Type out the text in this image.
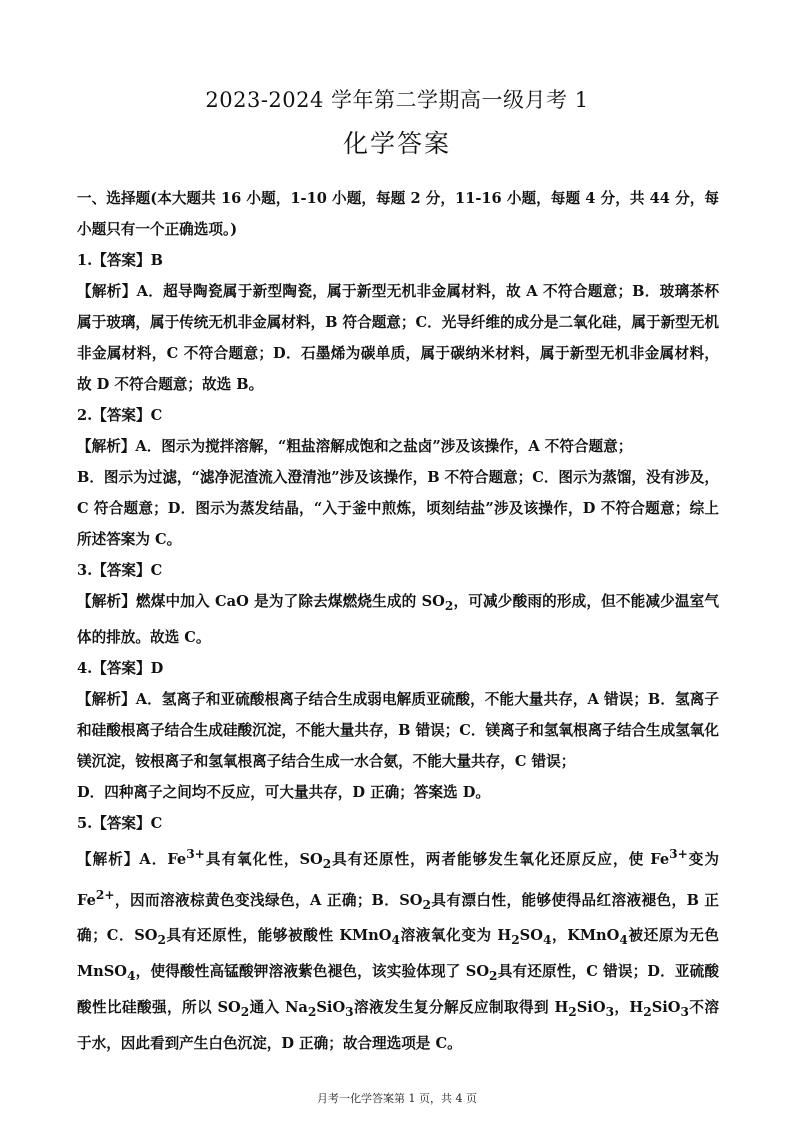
2023-2024 学年第二学期高一级月考 1
化学答案

一、选择题(本大题共 16 小题，1-10 小题，每题 2 分，11-16 小题，每题 4 分，共 44 分，每小题只有一个正确选项。)

1.【答案】B

【解析】A．超导陶瓷属于新型陶瓷，属于新型无机非金属材料，故 A 不符合题意；B．玻璃茶杯属于玻璃，属于传统无机非金属材料，B 符合题意；C．光导纤维的成分是二氧化硅，属于新型无机非金属材料，C 不符合题意；D．石墨烯为碳单质，属于碳纳米材料，属于新型无机非金属材料，故 D 不符合题意；故选 B。

2.【答案】C

【解析】A．图示为搅拌溶解，“粗盐溶解成饱和之盐卤”涉及该操作，A 不符合题意；

B．图示为过滤，“滤净泥渣流入澄清池”涉及该操作，B 不符合题意；C．图示为蒸馏，没有涉及，C 符合题意；D．图示为蒸发结晶，“入于釜中煎炼，顷刻结盐”涉及该操作，D 不符合题意；综上所述答案为 C。

3.【答案】C

【解析】燃煤中加入 CaO 是为了除去煤燃烧生成的 $SO_2$，可减少酸雨的形成，但不能减少温室气体的排放。故选 C。

4.【答案】D

【解析】A．氢离子和亚硫酸根离子结合生成弱电解质亚硫酸，不能大量共存，A 错误；B．氢离子和硅酸根离子结合生成硅酸沉淀，不能大量共存，B 错误；C．镁离子和氢氧根离子结合生成氢氧化镁沉淀，铵根离子和氢氧根离子结合生成一水合氨，不能大量共存，C 错误；

D．四种离子之间均不反应，可大量共存，D 正确；答案选 D。

5.【答案】C

【解析】A．$Fe^{3+}$具有氧化性，$SO_2$具有还原性，两者能够发生氧化还原反应，使 $Fe^{3+}$变为 $Fe^{2+}$，因而溶液棕黄色变浅绿色，A 正确；B．$SO_2$具有漂白性，能够使得品红溶液褪色，B 正确；C．$SO_2$具有还原性，能够被酸性 KMnO$_4$溶液氧化变为 $H_2SO_4$，KMnO$_4$被还原为无色 MnSO$_4$，使得酸性高锰酸钾溶液紫色褪色，该实验体现了 $SO_2$具有还原性，C 错误；D．亚硫酸酸性比硅酸强，所以 $SO_2$通入 $Na_2SiO_3$溶液发生复分解反应制取得到 $H_2SiO_3$，$H_2SiO_3$不溶于水，因此看到产生白色沉淀，D 正确；故合理选项是 C。

月考一化学答案第 1 页，共 4 页
